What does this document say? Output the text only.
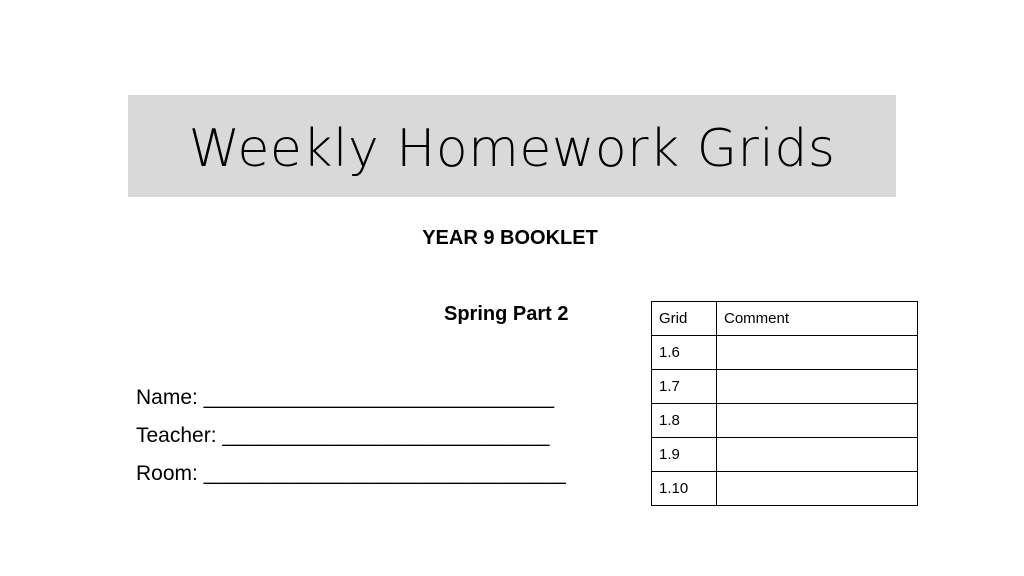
Weekly Homework Grids
YEAR 9 BOOKLET
Spring Part 2
Name: ______________________________
Teacher: ____________________________
Room: _______________________________
Grid	Comment
1.6	
1.7	
1.8	
1.9	
1.10	
